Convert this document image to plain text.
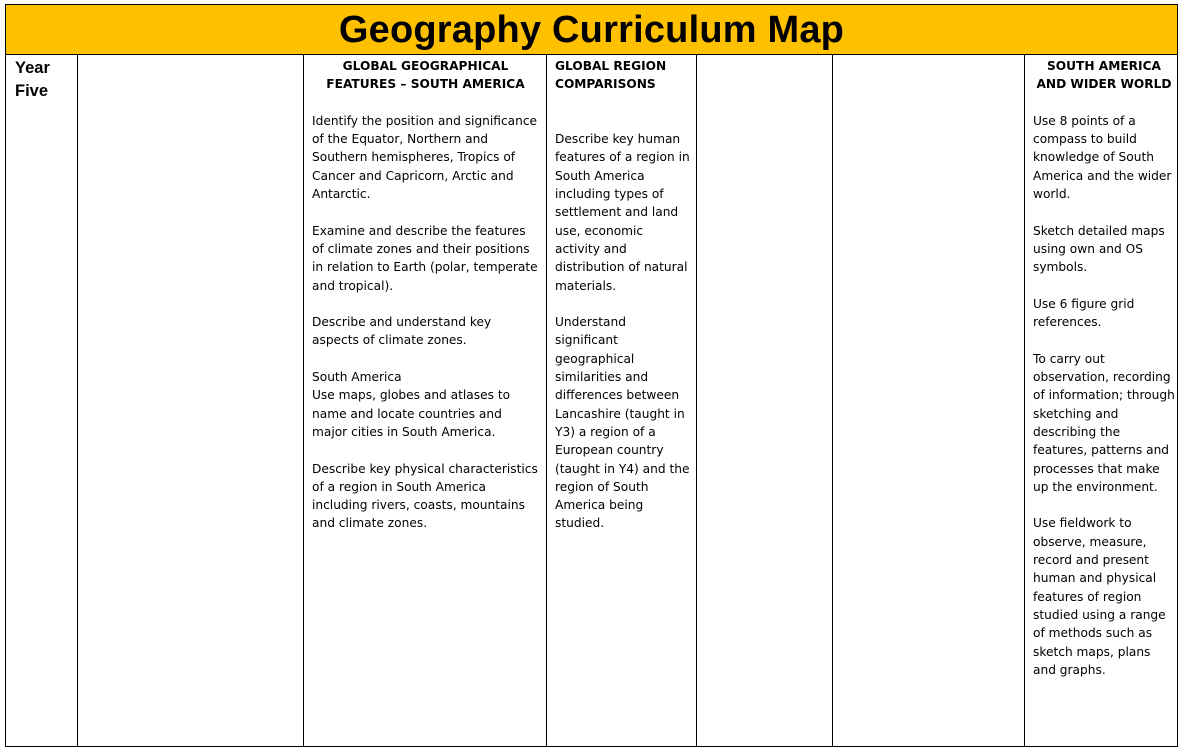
Geography Curriculum Map
Year
Five

GLOBAL GEOGRAPHICAL FEATURES – SOUTH AMERICA

Identify the position and significance of the Equator, Northern and Southern hemispheres, Tropics of Cancer and Capricorn, Arctic and Antarctic.

Examine and describe the features of climate zones and their positions in relation to Earth (polar, temperate and tropical).

Describe and understand key aspects of climate zones.

South America
Use maps, globes and atlases to name and locate countries and major cities in South America.

Describe key physical characteristics of a region in South America including rivers, coasts, mountains and climate zones.

GLOBAL REGION COMPARISONS

Describe key human features of a region in South America including types of settlement and land use, economic activity and distribution of natural materials.

Understand significant geographical similarities and differences between Lancashire (taught in Y3) a region of a European country (taught in Y4) and the region of South America being studied.

SOUTH AMERICA AND WIDER WORLD

Use 8 points of a compass to build knowledge of South America and the wider world.

Sketch detailed maps using own and OS symbols.

Use 6 figure grid references.

To carry out observation, recording of information; through sketching and describing the features, patterns and processes that make up the environment.

Use fieldwork to observe, measure, record and present human and physical features of region studied using a range of methods such as sketch maps, plans and graphs.
